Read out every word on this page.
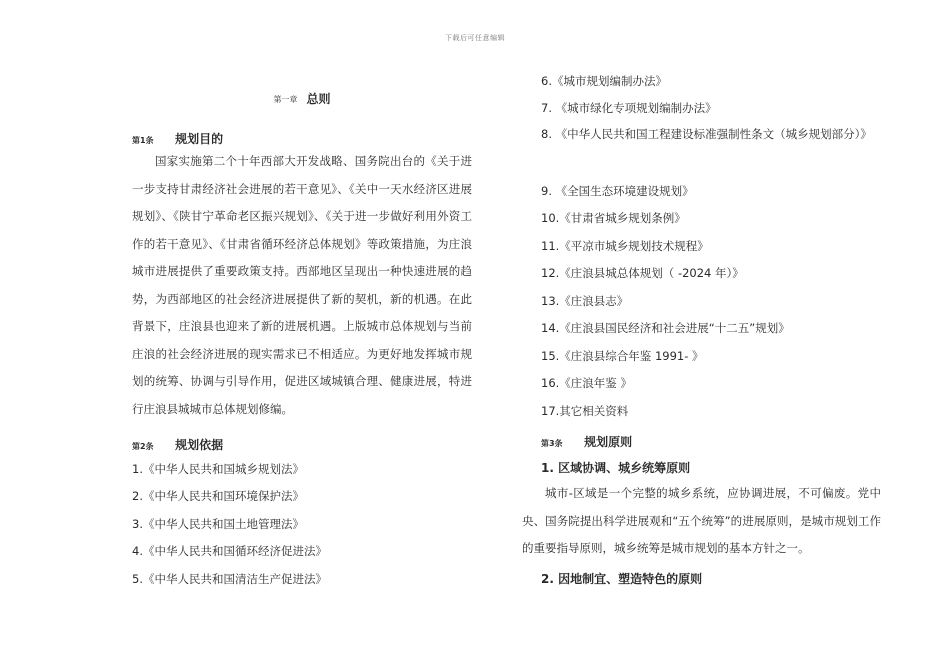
下载后可任意编辑
第一章 总则
第1条 规划目的
国家实施第二个十年西部大开发战略、国务院出台的《关于进一步支持甘肃经济社会进展的若干意见》、《关中一天水经济区进展规划》、《陕甘宁革命老区振兴规划》、《关于进一步做好利用外资工作的若干意见》、《甘肃省循环经济总体规划》等政策措施，为庄浪城市进展提供了重要政策支持。西部地区呈现出一种快速进展的趋势，为西部地区的社会经济进展提供了新的契机，新的机遇。在此背景下，庄浪县也迎来了新的进展机遇。上版城市总体规划与当前庄浪的社会经济进展的现实需求已不相适应。为更好地发挥城市规划的统筹、协调与引导作用，促进区域城镇合理、健康进展，特进行庄浪县城城市总体规划修编。
第2条 规划依据
1.《中华人民共和国城乡规划法》
2.《中华人民共和国环境保护法》
3.《中华人民共和国土地管理法》
4.《中华人民共和国循环经济促进法》
5.《中华人民共和国清洁生产促进法》
6.《城市规划编制办法》
7. 《城市绿化专项规划编制办法》
8. 《中华人民共和国工程建设标准强制性条文（城乡规划部分）》
9. 《全国生态环境建设规划》
10.《甘肃省城乡规划条例》
11.《平凉市城乡规划技术规程》
12.《庄浪县城总体规划（ -2024 年）》
13.《庄浪县志》
14.《庄浪县国民经济和社会进展“十二五”规划》
15.《庄浪县综合年鉴 1991- 》
16.《庄浪年鉴 》
17.其它相关资料
第3条 规划原则
1. 区域协调、城乡统筹原则
城市-区域是一个完整的城乡系统，应协调进展，不可偏废。党中央、国务院提出科学进展观和“五个统筹”的进展原则，是城市规划工作的重要指导原则，城乡统筹是城市规划的基本方针之一。
2. 因地制宜、塑造特色的原则
